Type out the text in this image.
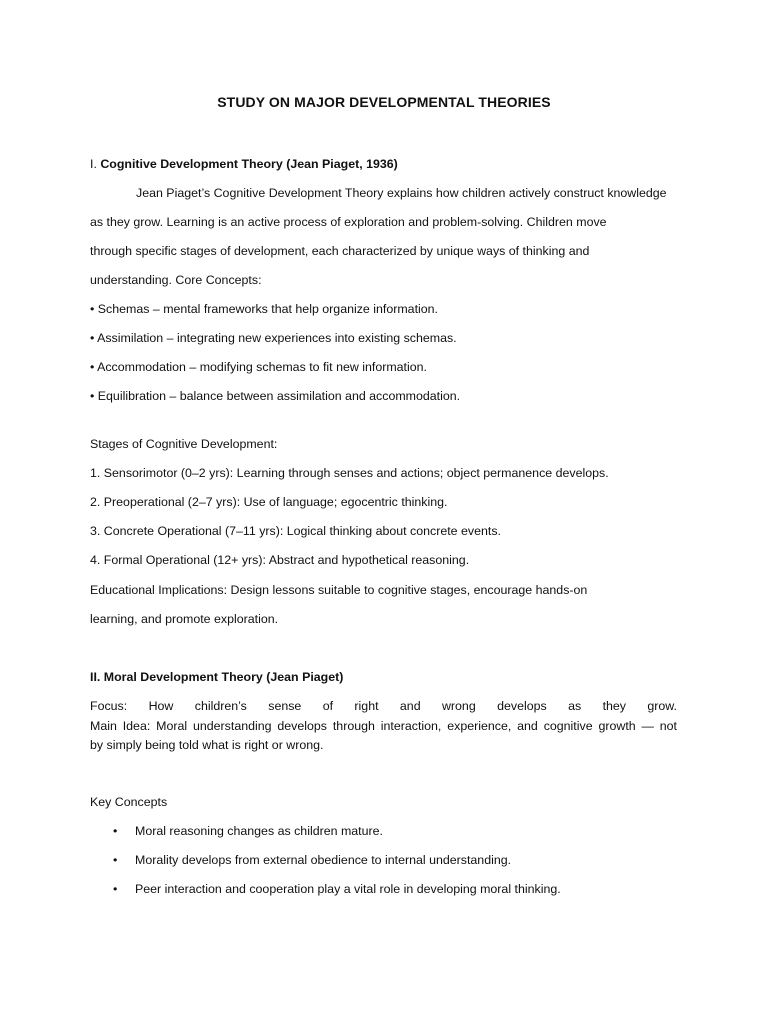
STUDY ON MAJOR DEVELOPMENTAL THEORIES
I. Cognitive Development Theory (Jean Piaget, 1936)
Jean Piaget’s Cognitive Development Theory explains how children actively construct knowledge
as they grow. Learning is an active process of exploration and problem-solving. Children move
through specific stages of development, each characterized by unique ways of thinking and
understanding. Core Concepts:
• Schemas – mental frameworks that help organize information.
• Assimilation – integrating new experiences into existing schemas.
• Accommodation – modifying schemas to fit new information.
• Equilibration – balance between assimilation and accommodation.
Stages of Cognitive Development:
1. Sensorimotor (0–2 yrs): Learning through senses and actions; object permanence develops.
2. Preoperational (2–7 yrs): Use of language; egocentric thinking.
3. Concrete Operational (7–11 yrs): Logical thinking about concrete events.
4. Formal Operational (12+ yrs): Abstract and hypothetical reasoning.
Educational Implications: Design lessons suitable to cognitive stages, encourage hands-on
learning, and promote exploration.
II. Moral Development Theory (Jean Piaget)
Focus: How children’s sense of right and wrong develops as they grow.
Main Idea: Moral understanding develops through interaction, experience, and cognitive growth — not
by simply being told what is right or wrong.
Key Concepts
• Moral reasoning changes as children mature.
• Morality develops from external obedience to internal understanding.
• Peer interaction and cooperation play a vital role in developing moral thinking.
